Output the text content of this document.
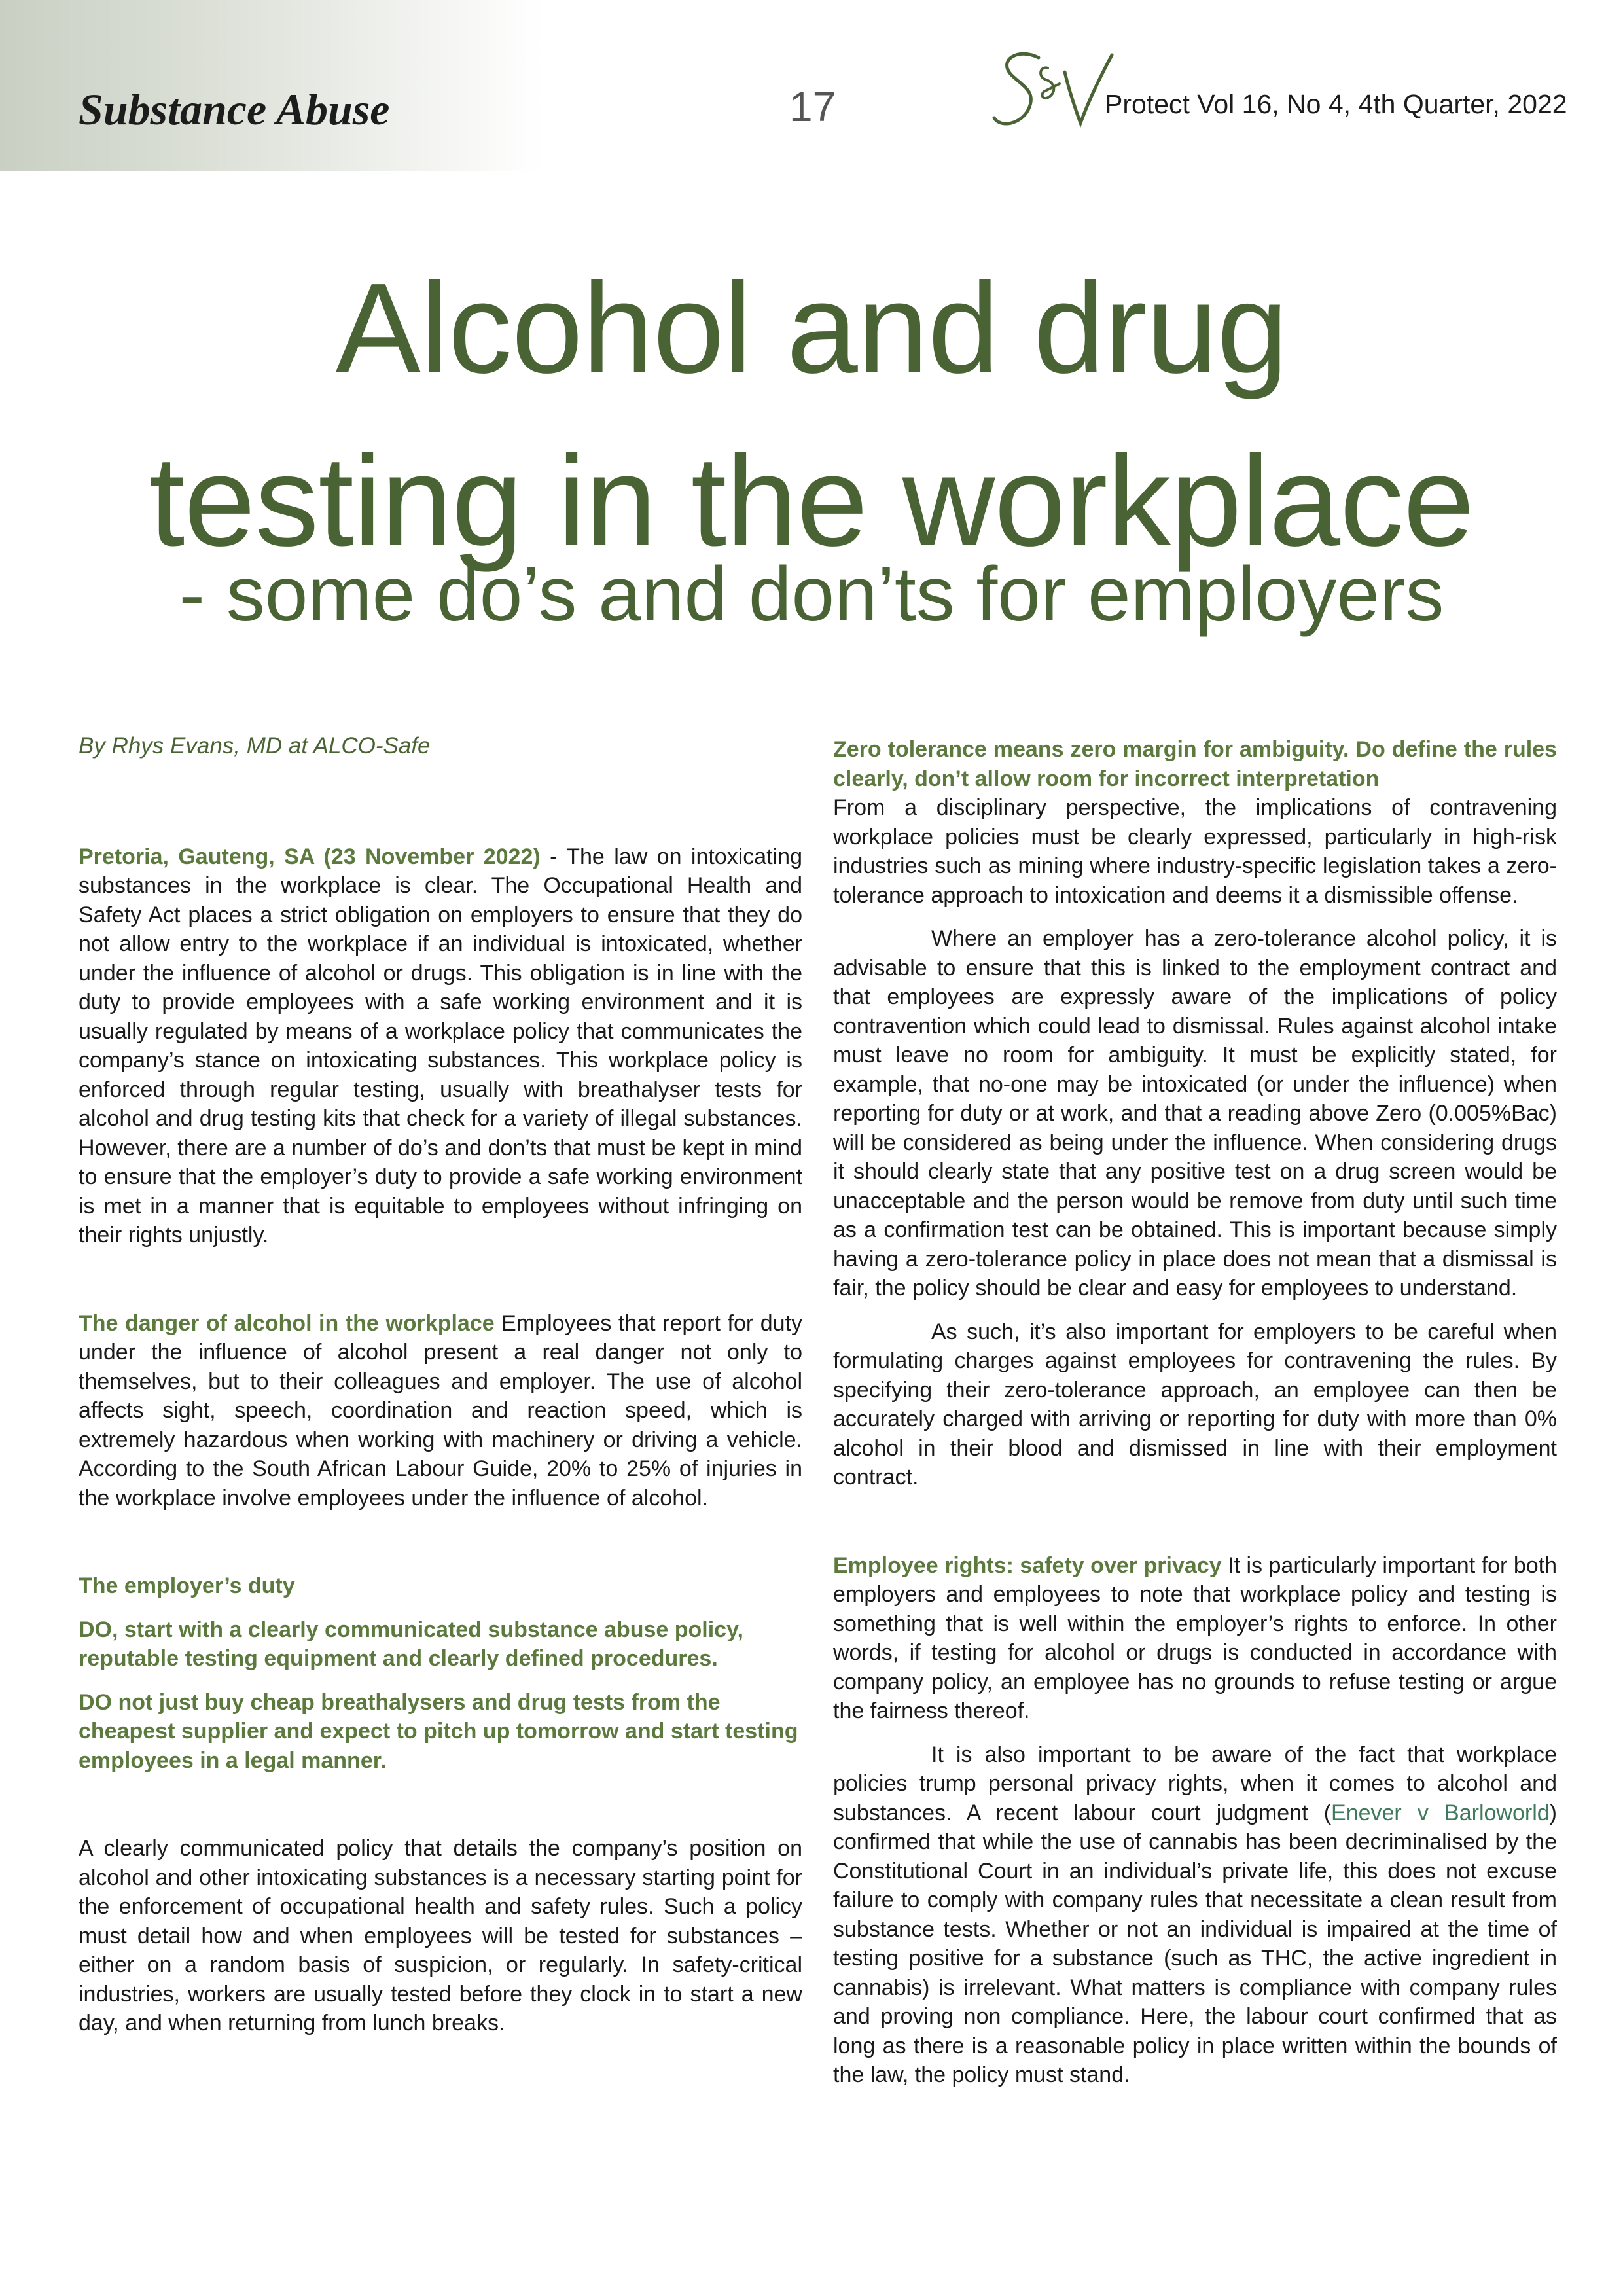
Substance Abuse	17	Protect Vol 16, No 4, 4th Quarter, 2022

Alcohol and drug
testing in the workplace
- some do’s and don’ts for employers

By Rhys Evans, MD at ALCO-Safe

Pretoria, Gauteng, SA (23 November 2022) - The law on intoxicating substances in the workplace is clear. The Occupational Health and Safety Act places a strict obligation on employers to ensure that they do not allow entry to the workplace if an individual is intoxicated, whether under the influence of alcohol or drugs. This obligation is in line with the duty to provide employees with a safe working environment and it is usually regulated by means of a workplace policy that communicates the company’s stance on intoxicating substances. This workplace policy is enforced through regular testing, usually with breathalyser tests for alcohol and drug testing kits that check for a variety of illegal substances. However, there are a number of do’s and don’ts that must be kept in mind to ensure that the employer’s duty to provide a safe working environment is met in a manner that is equitable to employees without infringing on their rights unjustly.

The danger of alcohol in the workplace Employees that report for duty under the influence of alcohol present a real danger not only to themselves, but to their colleagues and employer. The use of alcohol affects sight, speech, coordination and reaction speed, which is extremely hazardous when working with machinery or driving a vehicle. According to the South African Labour Guide, 20% to 25% of injuries in the workplace involve employees under the influence of alcohol.

The employer’s duty

DO, start with a clearly communicated substance abuse policy, reputable testing equipment and clearly defined procedures.

DO not just buy cheap breathalysers and drug tests from the cheapest supplier and expect to pitch up tomorrow and start testing employees in a legal manner.

A clearly communicated policy that details the company’s position on alcohol and other intoxicating substances is a necessary starting point for the enforcement of occupational health and safety rules. Such a policy must detail how and when employees will be tested for substances – either on a random basis of suspicion, or regularly. In safety-critical industries, workers are usually tested before they clock in to start a new day, and when returning from lunch breaks.

Zero tolerance means zero margin for ambiguity. Do define the rules clearly, don’t allow room for incorrect interpretation

From a disciplinary perspective, the implications of contravening workplace policies must be clearly expressed, particularly in high-risk industries such as mining where industry-specific legislation takes a zero-tolerance approach to intoxication and deems it a dismissible offense.

Where an employer has a zero-tolerance alcohol policy, it is advisable to ensure that this is linked to the employment contract and that employees are expressly aware of the implications of policy contravention which could lead to dismissal. Rules against alcohol intake must leave no room for ambiguity. It must be explicitly stated, for example, that no-one may be intoxicated (or under the influence) when reporting for duty or at work, and that a reading above Zero (0.005%Bac) will be considered as being under the influence. When considering drugs it should clearly state that any positive test on a drug screen would be unacceptable and the person would be remove from duty until such time as a confirmation test can be obtained. This is important because simply having a zero-tolerance policy in place does not mean that a dismissal is fair, the policy should be clear and easy for employees to understand.

As such, it’s also important for employers to be careful when formulating charges against employees for contravening the rules. By specifying their zero-tolerance approach, an employee can then be accurately charged with arriving or reporting for duty with more than 0% alcohol in their blood and dismissed in line with their employment contract.

Employee rights: safety over privacy It is particularly important for both employers and employees to note that workplace policy and testing is something that is well within the employer’s rights to enforce. In other words, if testing for alcohol or drugs is conducted in accordance with company policy, an employee has no grounds to refuse testing or argue the fairness thereof.

It is also important to be aware of the fact that workplace policies trump personal privacy rights, when it comes to alcohol and substances. A recent labour court judgment (Enever v Barloworld) confirmed that while the use of cannabis has been decriminalised by the Constitutional Court in an individual’s private life, this does not excuse failure to comply with company rules that necessitate a clean result from substance tests. Whether or not an individual is impaired at the time of testing positive for a substance (such as THC, the active ingredient in cannabis) is irrelevant. What matters is compliance with company rules and proving non compliance. Here, the labour court confirmed that as long as there is a reasonable policy in place written within the bounds of the law, the policy must stand.
